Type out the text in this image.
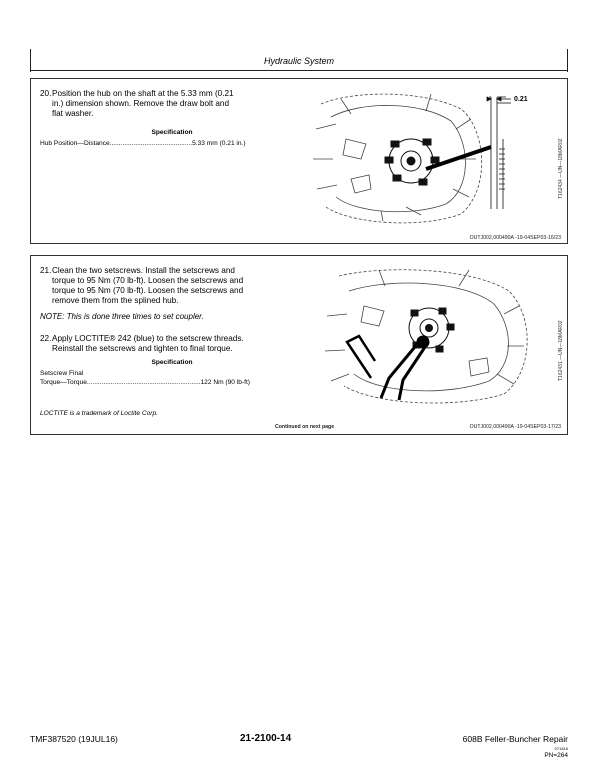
Hydraulic System
20. Position the hub on the shaft at the 5.33 mm (0.21
in.) dimension shown. Remove the draw bolt and
flat washer.
Specification
Hub Position—Distance.............................................5.33 mm (0.21 in.)
0.21
T162434 —UN—18MAR02
OUTJ002,000490A -19-04SEP03-16/23
21. Clean the two setscrews. Install the setscrews and
torque to 95 Nm (70 lb-ft). Loosen the setscrews and
torque to 95 Nm (70 lb-ft). Loosen the setscrews and
remove them from the splined hub.
NOTE: This is done three times to set coupler.
22. Apply LOCTITE® 242 (blue) to the setscrew threads.
Reinstall the setscrews and tighten to final torque.
Specification
Setscrew Final
Torque—Torque..............................................................122 Nm (90 lb-ft)
LOCTITE is a trademark of Loctite Corp.
T162431 —UN—18MAR02
Continued on next page	OUTJ002,000490A -19-04SEP03-17/23
TMF387520 (19JUL16)	21-2100-14	608B Feller-Buncher Repair
071816
PN=264
